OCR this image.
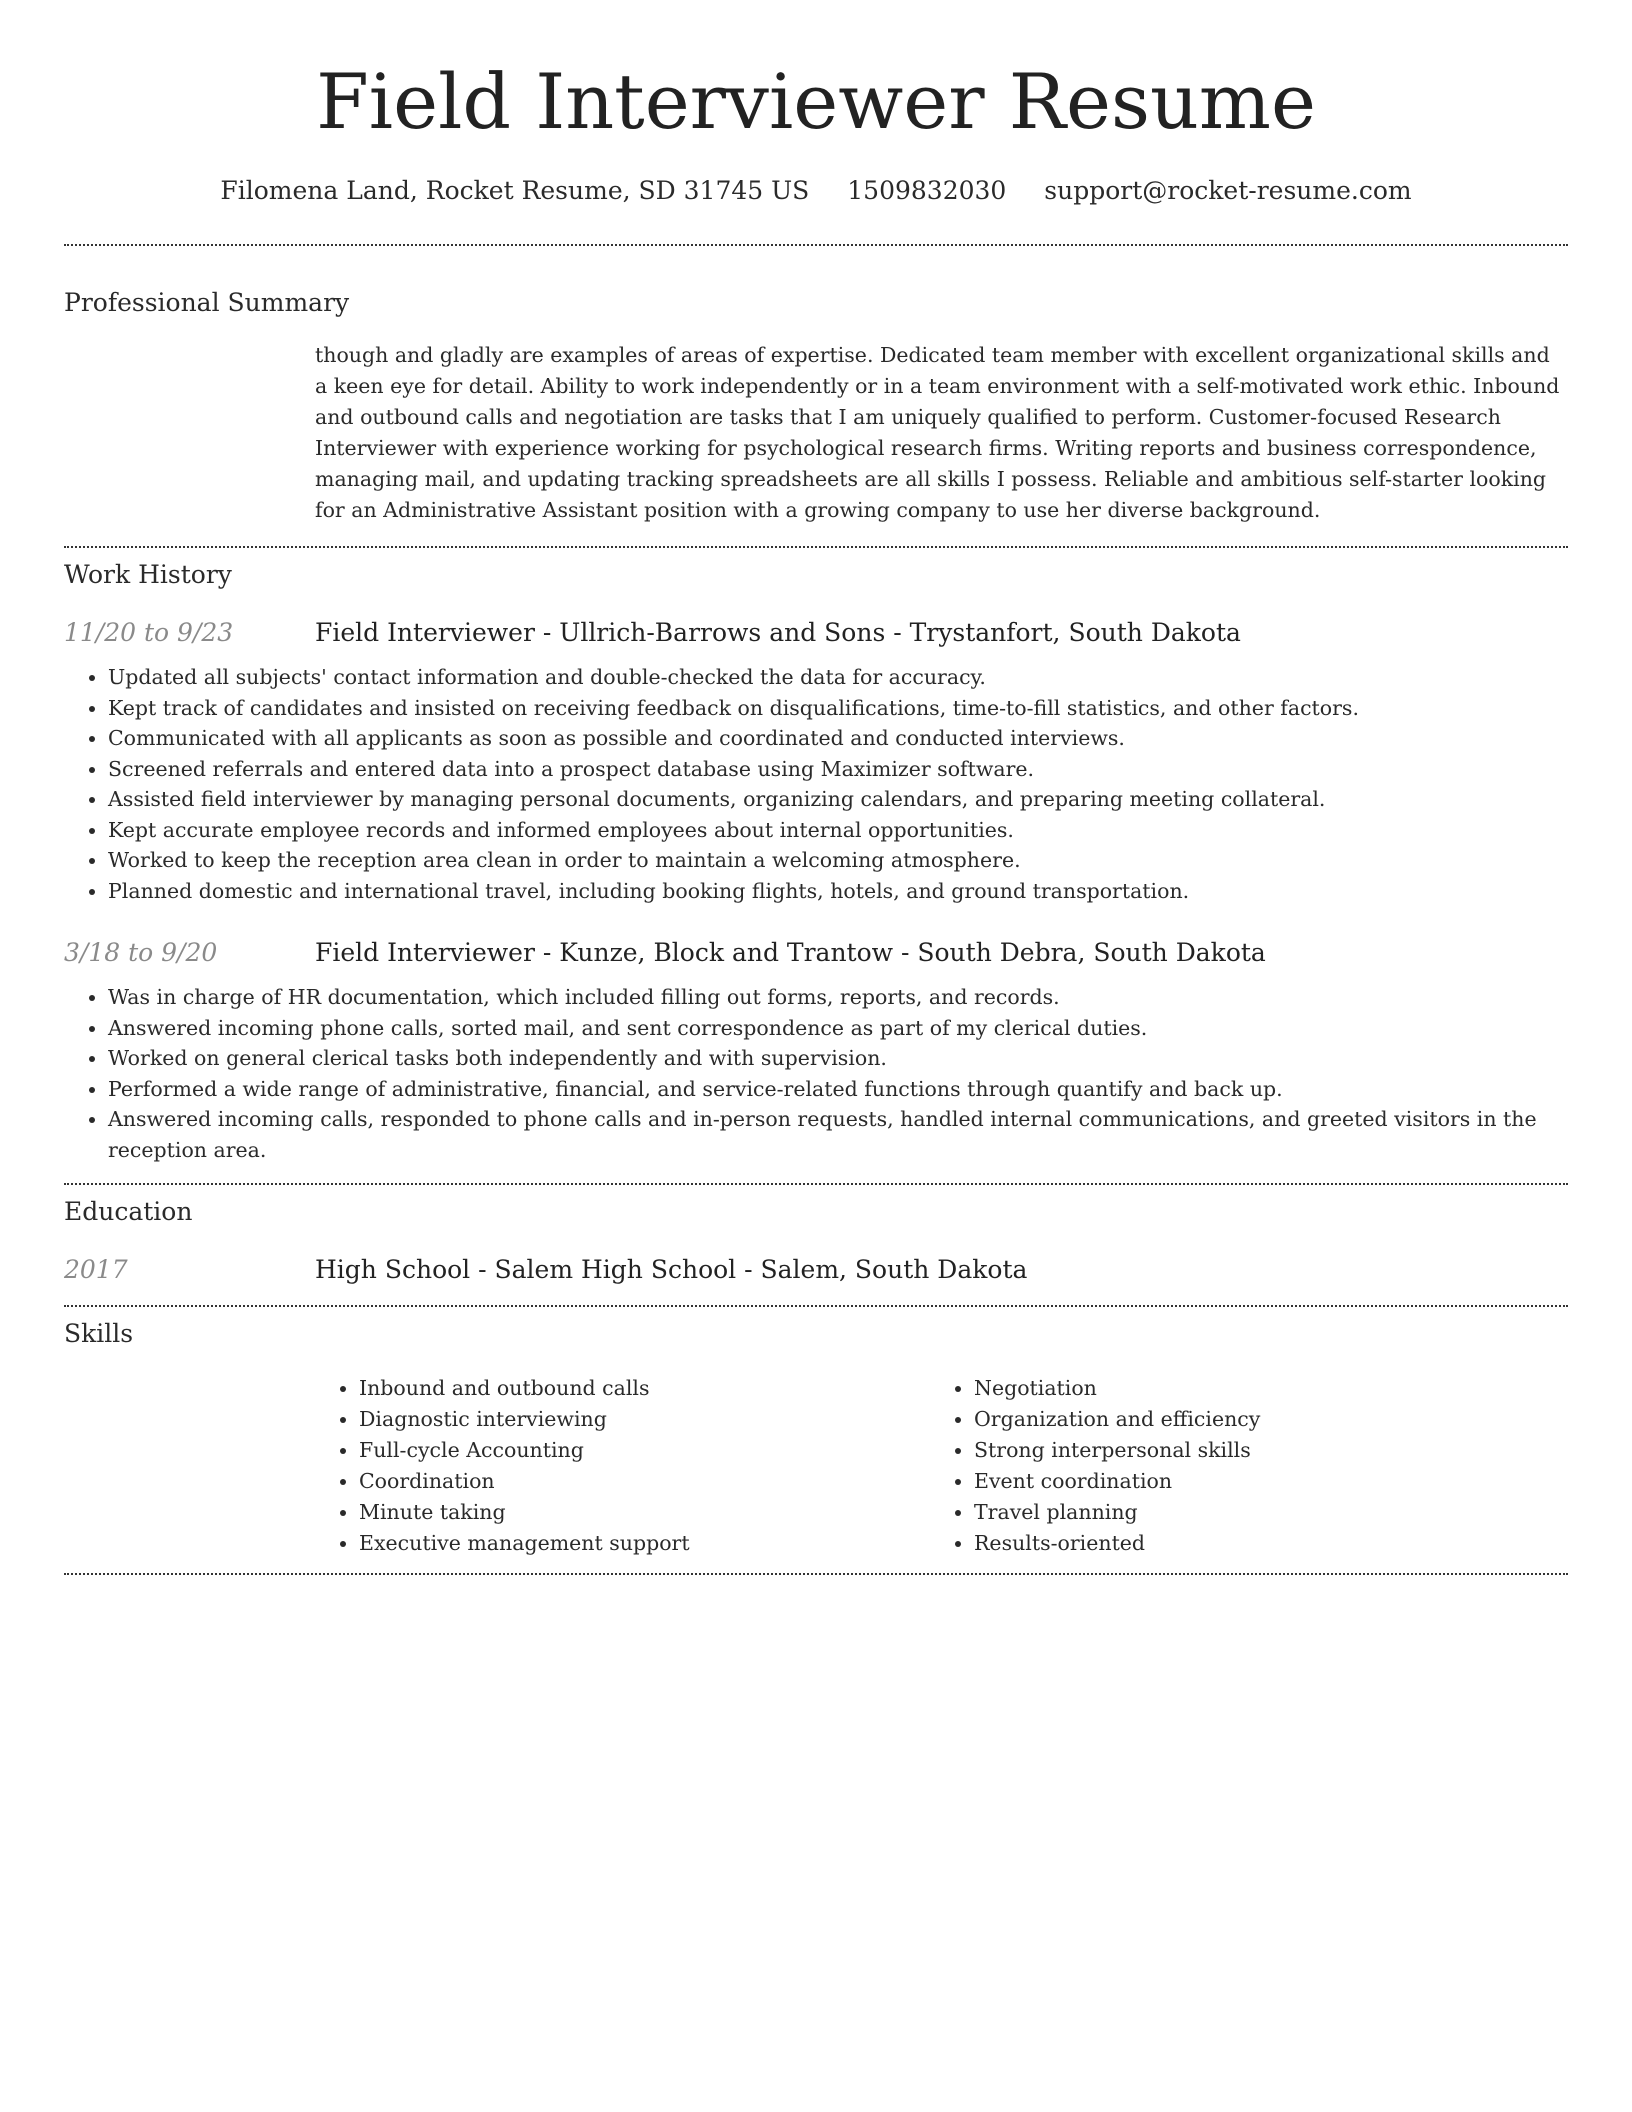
Field Interviewer Resume
Filomena Land, Rocket Resume, SD 31745 US 1509832030 support@rocket-resume.com
Professional Summary
though and gladly are examples of areas of expertise. Dedicated team member with excellent organizational skills and a keen eye for detail. Ability to work independently or in a team environment with a self-motivated work ethic. Inbound and outbound calls and negotiation are tasks that I am uniquely qualified to perform. Customer-focused Research Interviewer with experience working for psychological research firms. Writing reports and business correspondence, managing mail, and updating tracking spreadsheets are all skills I possess. Reliable and ambitious self-starter looking for an Administrative Assistant position with a growing company to use her diverse background.
Work History
11/20 to 9/23	Field Interviewer - Ullrich-Barrows and Sons - Trystanfort, South Dakota
• Updated all subjects' contact information and double-checked the data for accuracy.
• Kept track of candidates and insisted on receiving feedback on disqualifications, time-to-fill statistics, and other factors.
• Communicated with all applicants as soon as possible and coordinated and conducted interviews.
• Screened referrals and entered data into a prospect database using Maximizer software.
• Assisted field interviewer by managing personal documents, organizing calendars, and preparing meeting collateral.
• Kept accurate employee records and informed employees about internal opportunities.
• Worked to keep the reception area clean in order to maintain a welcoming atmosphere.
• Planned domestic and international travel, including booking flights, hotels, and ground transportation.
3/18 to 9/20	Field Interviewer - Kunze, Block and Trantow - South Debra, South Dakota
• Was in charge of HR documentation, which included filling out forms, reports, and records.
• Answered incoming phone calls, sorted mail, and sent correspondence as part of my clerical duties.
• Worked on general clerical tasks both independently and with supervision.
• Performed a wide range of administrative, financial, and service-related functions through quantify and back up.
• Answered incoming calls, responded to phone calls and in-person requests, handled internal communications, and greeted visitors in the reception area.
Education
2017	High School - Salem High School - Salem, South Dakota
Skills
• Inbound and outbound calls
• Diagnostic interviewing
• Full-cycle Accounting
• Coordination
• Minute taking
• Executive management support
• Negotiation
• Organization and efficiency
• Strong interpersonal skills
• Event coordination
• Travel planning
• Results-oriented
